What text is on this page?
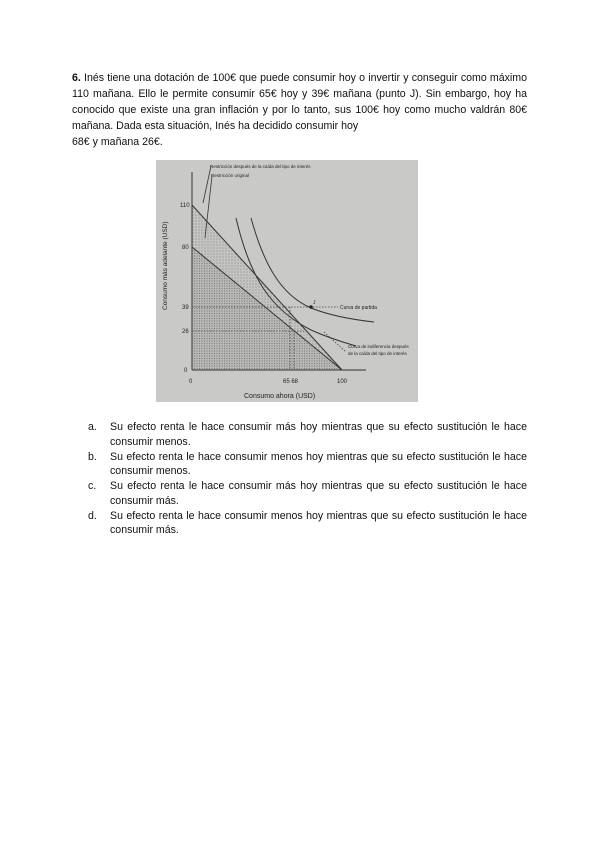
6. Inés tiene una dotación de 100€ que puede consumir hoy o invertir y conseguir como máximo 110 mañana. Ello le permite consumir 65€ hoy y 39€ mañana (punto J). Sin embargo, hoy ha conocido que existe una gran inflación y por lo tanto, sus 100€ hoy como mucho valdrán 80€ mañana. Dada esta situación, Inés ha decidido consumir hoy
68€ y mañana 26€.
J
110
80
39
26
0
0	65 68	100
Consumo ahora (USD)
Consumo más adelante (USD)
Restricción después de la caída del tipo de interés
Restricción original
Curva de partida
Curva de indiferencia después
de la caída del tipo de interés
a. Su efecto renta le hace consumir más hoy mientras que su efecto sustitución le hace consumir menos.
b. Su efecto renta le hace consumir menos hoy mientras que su efecto sustitución le hace consumir menos.
c. Su efecto renta le hace consumir más hoy mientras que su efecto sustitución le hace consumir más.
d. Su efecto renta le hace consumir menos hoy mientras que su efecto sustitución le hace consumir más.
